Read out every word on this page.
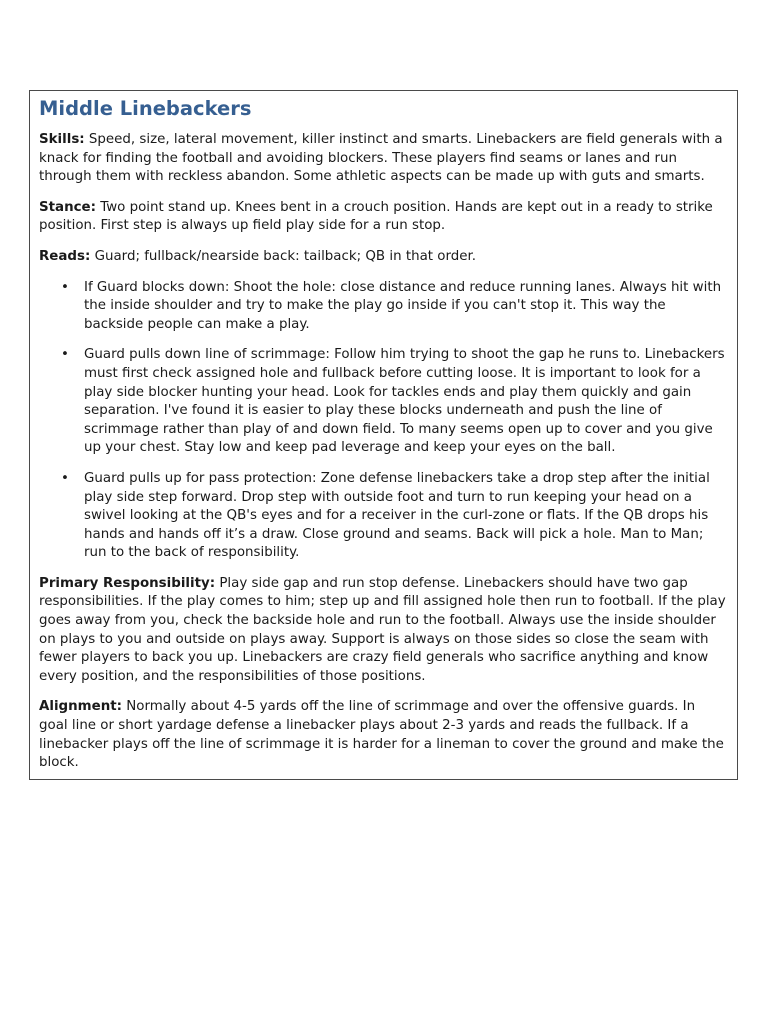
Middle Linebackers

Skills: Speed, size, lateral movement, killer instinct and smarts. Linebackers are field generals with a knack for finding the football and avoiding blockers. These players find seams or lanes and run through them with reckless abandon. Some athletic aspects can be made up with guts and smarts.

Stance: Two point stand up. Knees bent in a crouch position. Hands are kept out in a ready to strike position. First step is always up field play side for a run stop.

Reads: Guard; fullback/nearside back: tailback; QB in that order.

• If Guard blocks down: Shoot the hole: close distance and reduce running lanes. Always hit with the inside shoulder and try to make the play go inside if you can't stop it. This way the backside people can make a play.
• Guard pulls down line of scrimmage: Follow him trying to shoot the gap he runs to. Linebackers must first check assigned hole and fullback before cutting loose. It is important to look for a play side blocker hunting your head. Look for tackles ends and play them quickly and gain separation. I've found it is easier to play these blocks underneath and push the line of scrimmage rather than play of and down field. To many seems open up to cover and you give up your chest. Stay low and keep pad leverage and keep your eyes on the ball.
• Guard pulls up for pass protection: Zone defense linebackers take a drop step after the initial play side step forward. Drop step with outside foot and turn to run keeping your head on a swivel looking at the QB's eyes and for a receiver in the curl-zone or flats. If the QB drops his hands and hands off it’s a draw. Close ground and seams. Back will pick a hole. Man to Man; run to the back of responsibility.

Primary Responsibility: Play side gap and run stop defense. Linebackers should have two gap responsibilities. If the play comes to him; step up and fill assigned hole then run to football. If the play goes away from you, check the backside hole and run to the football. Always use the inside shoulder on plays to you and outside on plays away. Support is always on those sides so close the seam with fewer players to back you up. Linebackers are crazy field generals who sacrifice anything and know every position, and the responsibilities of those positions.

Alignment: Normally about 4-5 yards off the line of scrimmage and over the offensive guards. In goal line or short yardage defense a linebacker plays about 2-3 yards and reads the fullback. If a linebacker plays off the line of scrimmage it is harder for a lineman to cover the ground and make the block.
